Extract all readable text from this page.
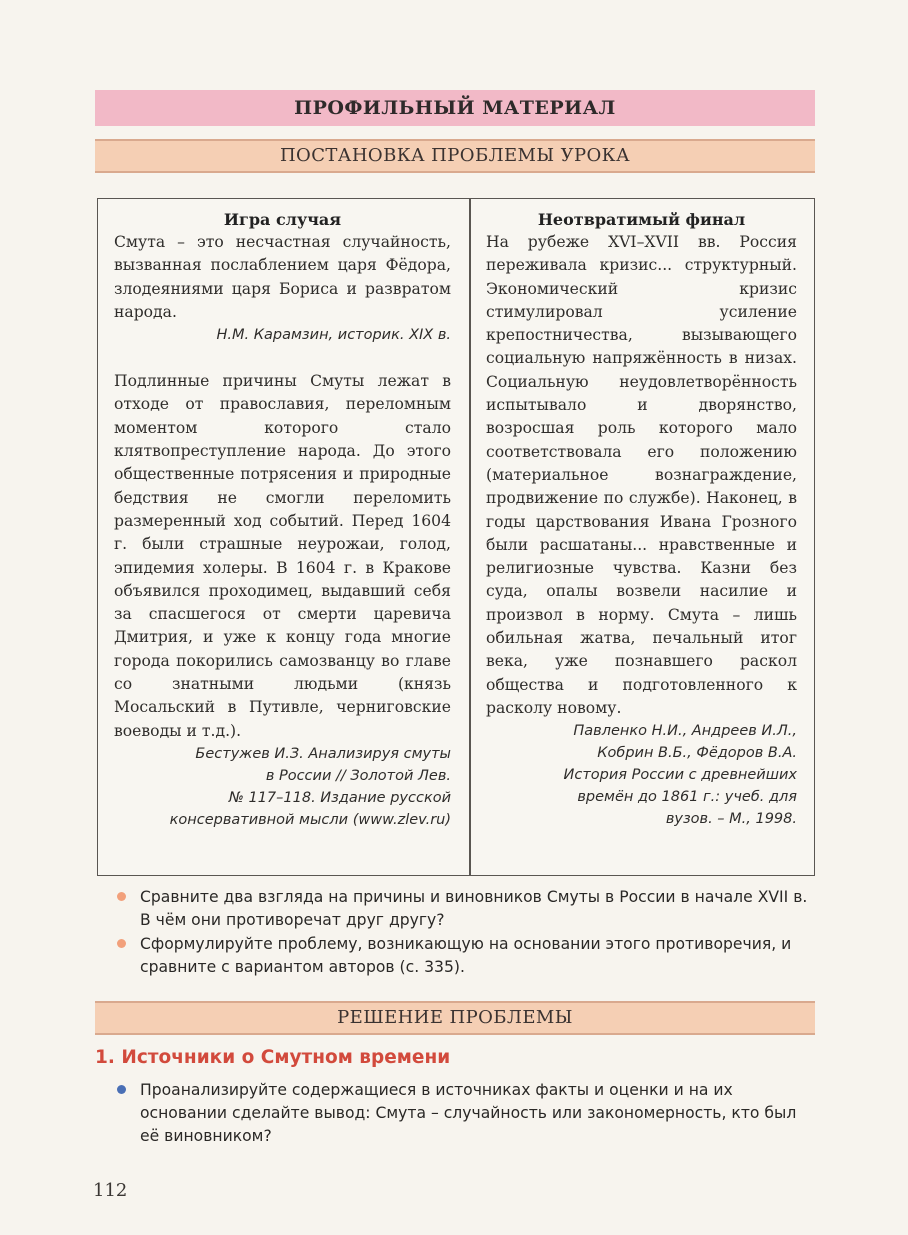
ПРОФИЛЬНЫЙ МАТЕРИАЛ
ПОСТАНОВКА ПРОБЛЕМЫ УРОКА
Игра случая

Смута – это несчастная случайность, вызванная послаблением царя Фёдора, злодеяниями царя Бориса и развратом народа.

Н.М. Карамзин, историк. XIX в.

Подлинные причины Смуты лежат в отходе от православия, переломным моментом которого стало клятвопреступление народа. До этого общественные потрясения и природные бедствия не смогли переломить размеренный ход событий. Перед 1604 г. были страшные неурожаи, голод, эпидемия холеры. В 1604 г. в Кракове объявился проходимец, выдавший себя за спасшегося от смерти царевича Дмитрия, и уже к концу года многие города покорились самозванцу во главе со знатными людьми (князь Мосальский в Путивле, черниговские воеводы и т.д.).

Бестужев И.З. Анализируя смуты
в России // Золотой Лев.
№ 117–118. Издание русской
консервативной мысли (www.zlev.ru)
Неотвратимый финал

На рубеже XVI–XVII вв. Россия переживала кризис... структурный. Экономический кризис стимулировал усиление крепостничества, вызывающего социальную напряжённость в низах. Социальную неудовлетворённость испытывало и дворянство, возросшая роль которого мало соответствовала его положению (материальное вознаграждение, продвижение по службе). Наконец, в годы царствования Ивана Грозного были расшатаны... нравственные и религиозные чувства. Казни без суда, опалы возвели насилие и произвол в норму. Смута – лишь обильная жатва, печальный итог века, уже познавшего раскол общества и подготовленного к расколу новому.

Павленко Н.И., Андреев И.Л.,
Кобрин В.Б., Фёдоров В.А.
История России с древнейших
времён до 1861 г.: учеб. для
вузов. – М., 1998.
Сравните два взгляда на причины и виновников Смуты в России в начале XVII в. В чём они противоречат друг другу?
Сформулируйте проблему, возникающую на основании этого противоречия, и сравните с вариантом авторов (с. 335).
РЕШЕНИЕ ПРОБЛЕМЫ
1. Источники о Смутном времени
Проанализируйте содержащиеся в источниках факты и оценки и на их основании сделайте вывод: Смута – случайность или закономерность, кто был её виновником?
112
